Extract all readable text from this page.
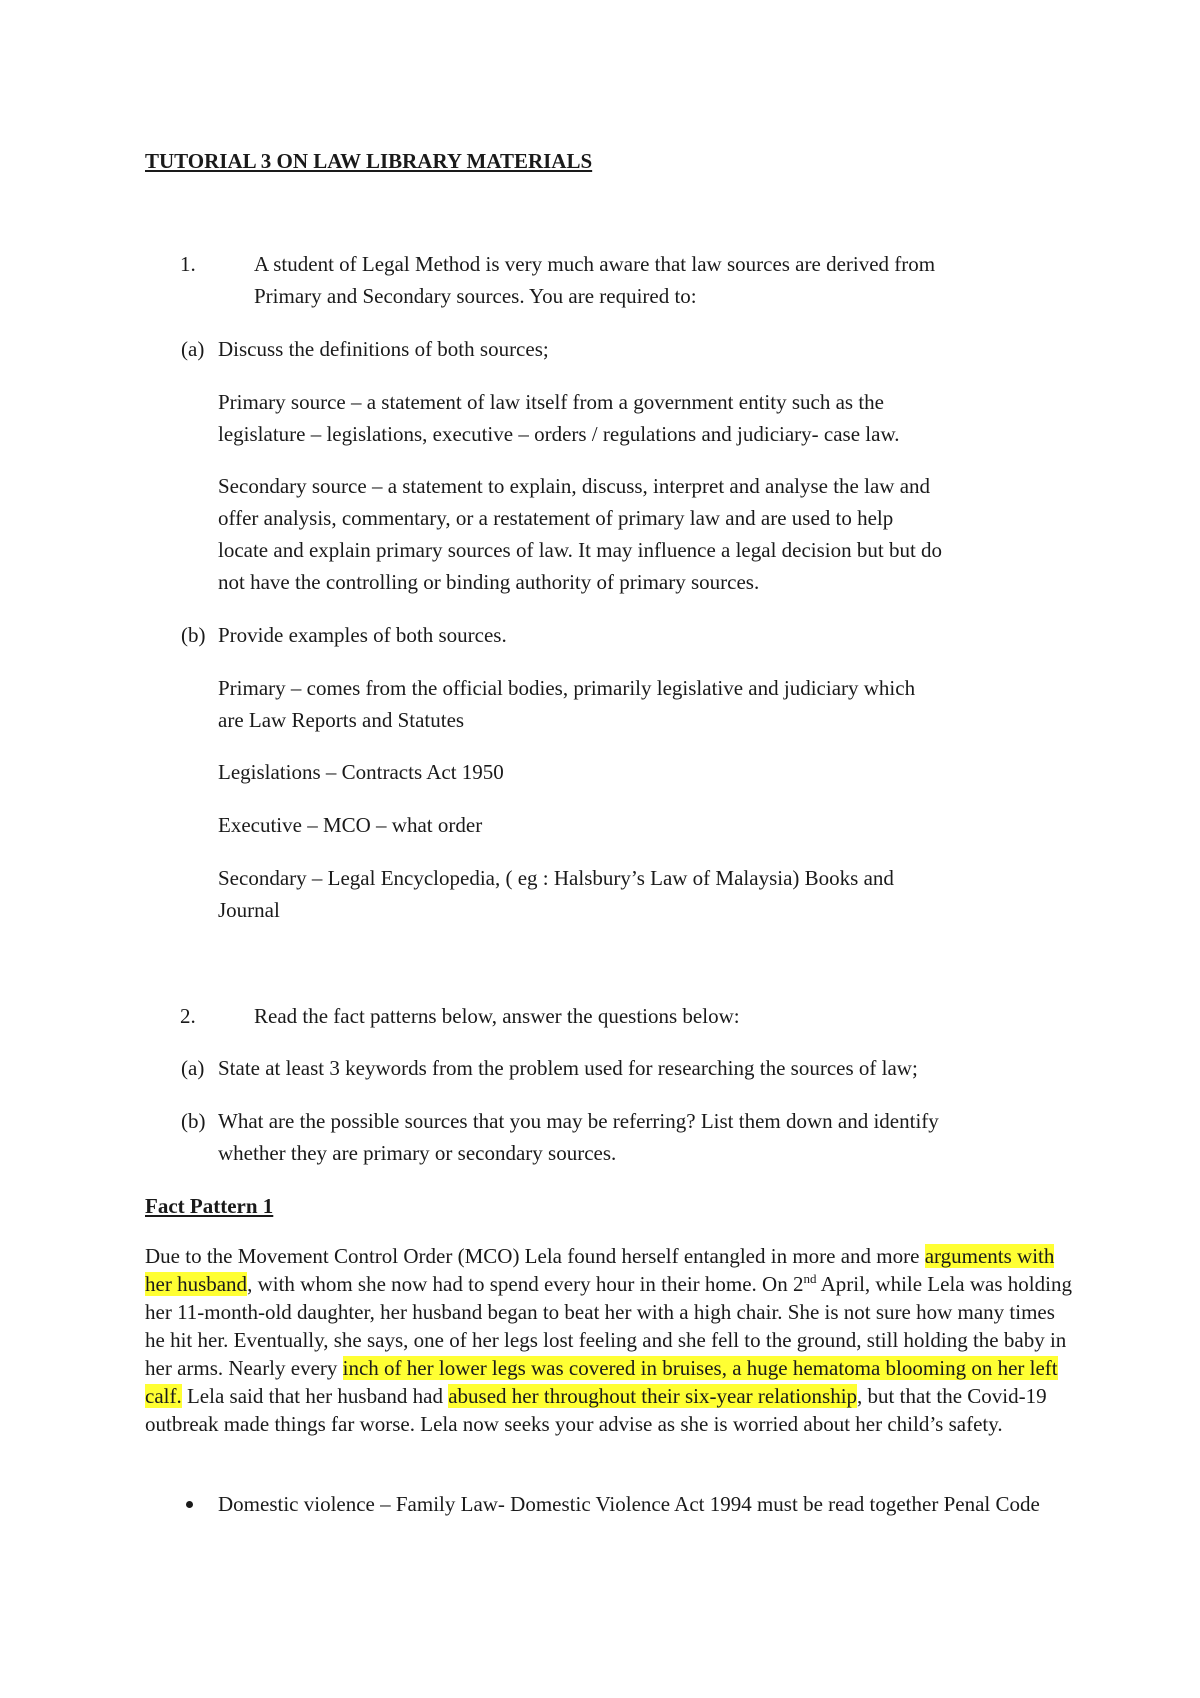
TUTORIAL 3 ON LAW LIBRARY MATERIALS
1.	A student of Legal Method is very much aware that law sources are derived from
Primary and Secondary sources. You are required to:
(a) Discuss the definitions of both sources;
Primary source – a statement of law itself from a government entity such as the
legislature – legislations, executive – orders / regulations and judiciary- case law.
Secondary source – a statement to explain, discuss, interpret and analyse the law and
offer analysis, commentary, or a restatement of primary law and are used to help
locate and explain primary sources of law. It may influence a legal decision but but do
not have the controlling or binding authority of primary sources.
(b) Provide examples of both sources.
Primary – comes from the official bodies, primarily legislative and judiciary which
are Law Reports and Statutes
Legislations – Contracts Act 1950
Executive – MCO – what order
Secondary – Legal Encyclopedia, ( eg : Halsbury’s Law of Malaysia) Books and
Journal
2.	Read the fact patterns below, answer the questions below:
(a) State at least 3 keywords from the problem used for researching the sources of law;
(b) What are the possible sources that you may be referring? List them down and identify
whether they are primary or secondary sources.
Fact Pattern 1

Due to the Movement Control Order (MCO) Lela found herself entangled in more and more arguments with her husband, with whom she now had to spend every hour in their home. On 2nd April, while Lela was holding her 11-month-old daughter, her husband began to beat her with a high chair. She is not sure how many times he hit her. Eventually, she says, one of her legs lost feeling and she fell to the ground, still holding the baby in her arms. Nearly every inch of her lower legs was covered in bruises, a huge hematoma blooming on her left calf. Lela said that her husband had abused her throughout their six-year relationship, but that the Covid-19 outbreak made things far worse. Lela now seeks your advise as she is worried about her child’s safety.

Domestic violence – Family Law- Domestic Violence Act 1994 must be read together Penal Code
